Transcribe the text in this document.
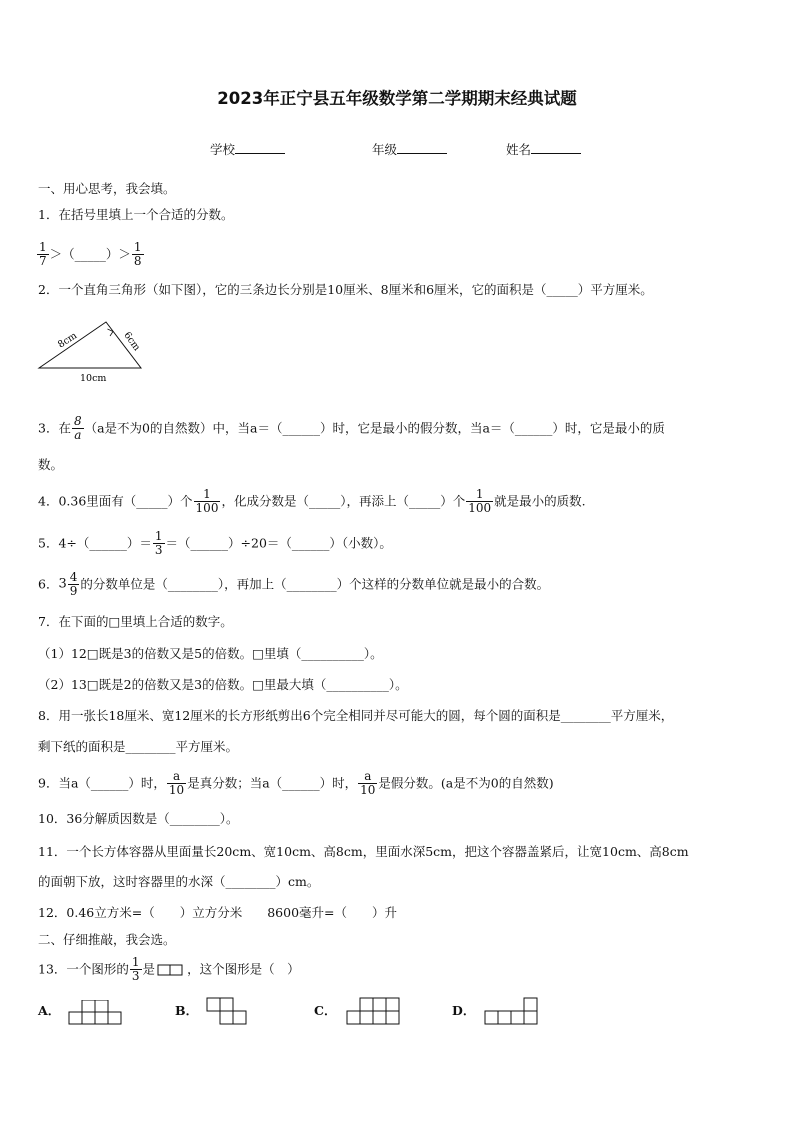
2023年正宁县五年级数学第二学期期末经典试题
学校	年级	姓名
一、用心思考，我会填。
1．在括号里填上一个合适的分数。
$\frac{1}{7}$ ＞（_____）＞ $\frac{1}{8}$
2．一个直角三角形（如下图），它的三条边长分别是10厘米、8厘米和6厘米，它的面积是（_____）平方厘米。
8cm	6cm
10cm
3．在 $\frac{8}{a} (a$是不为0的自然数）中，当a＝（______）时，它是最小的假分数，当a＝（______）时，它是最小的质
数。
4．0.36里面有（_____）个 $\frac{1}{100}$ ，化成分数是（_____），再添上（_____）个 $\frac{1}{100}$ 就是最小的质数.
5．4÷（______）＝ $\frac{1}{3}$ ＝（______）÷20＝（______）（小数）。
6．$3 \frac{4}{9}$ 的分数单位是（________），再加上（________）个这样的分数单位就是最小的合数。
7．在下面的□里填上合适的数字。
（1）12□既是3的倍数又是5的倍数。□里填（__________）。
（2）13□既是2的倍数又是3的倍数。□里最大填（__________）。
8．用一张长18厘米、宽12厘米的长方形纸剪出6个完全相同并尽可能大的圆，每个圆的面积是________平方厘米，
剩下纸的面积是________平方厘米。
9．当a（______）时， $\frac{a}{10}$ 是真分数；当a（______）时， $\frac{a}{10}$ 是假分数。(a是不为0的自然数)
10．36分解质因数是（________）。
11．一个长方体容器从里面量长20cm、宽10cm、高8cm，里面水深5cm，把这个容器盖紧后，让宽10cm、高8cm
的面朝下放，这时容器里的水深（________）cm。
12．0.46立方米=（　　）立方分米　　8600毫升=（　　）升
二、仔细推敲，我会选。
13．一个图形的 $\frac{1}{3}$ 是	，这个图形是（　）
A．	B．	C．	D．
